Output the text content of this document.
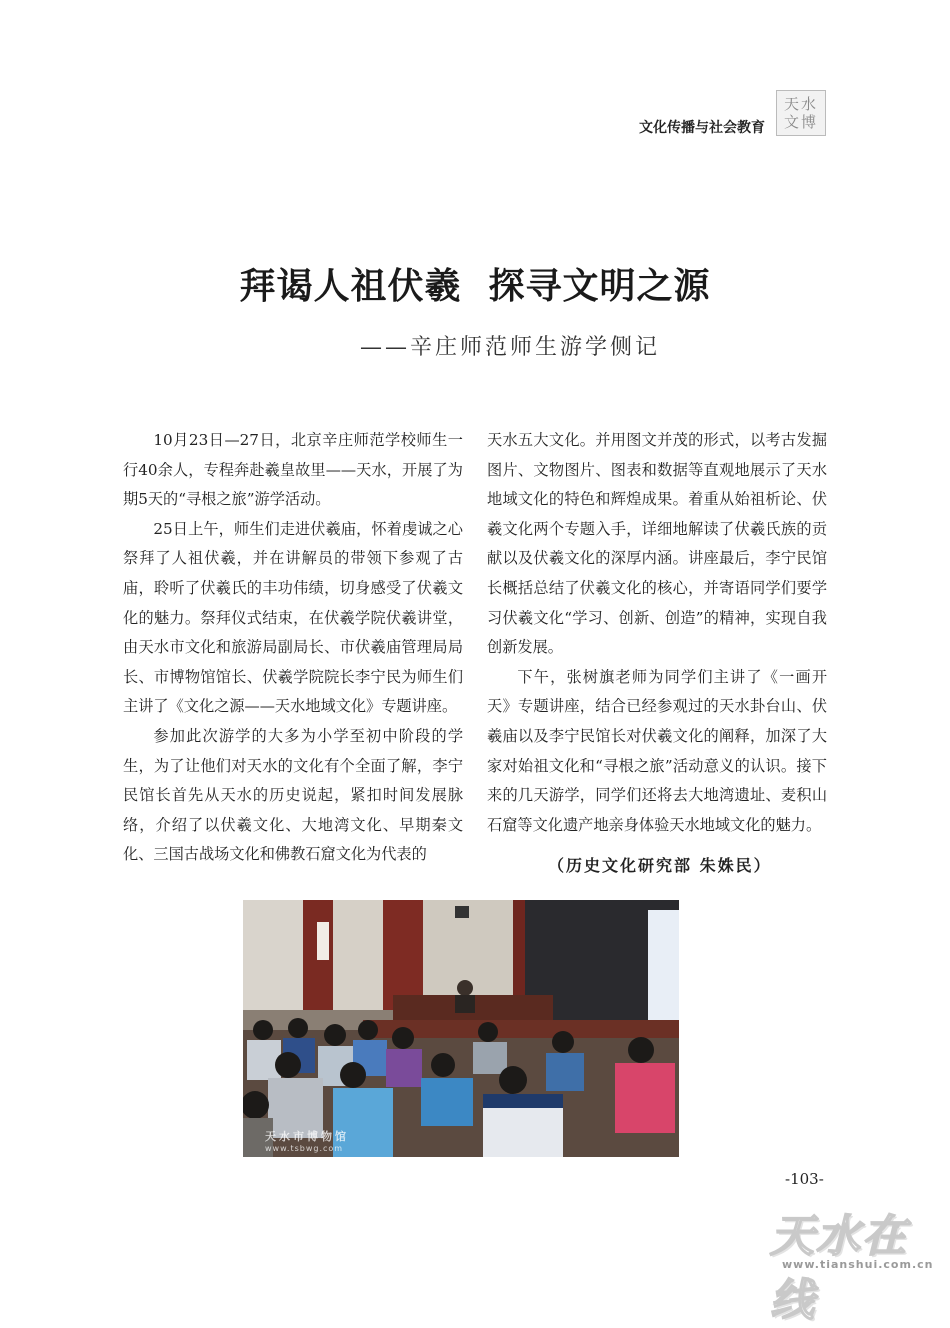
文化传播与社会教育
天水文博
拜谒人祖伏羲  探寻文明之源
——辛庄师范师生游学侧记

10月23日—27日，北京辛庄师范学校师生一行40余人，专程奔赴羲皇故里——天水，开展了为期5天的“寻根之旅”游学活动。

25日上午，师生们走进伏羲庙，怀着虔诚之心祭拜了人祖伏羲，并在讲解员的带领下参观了古庙，聆听了伏羲氏的丰功伟绩，切身感受了伏羲文化的魅力。祭拜仪式结束，在伏羲学院伏羲讲堂，由天水市文化和旅游局副局长、市伏羲庙管理局局长、市博物馆馆长、伏羲学院院长李宁民为师生们主讲了《文化之源——天水地域文化》专题讲座。

参加此次游学的大多为小学至初中阶段的学生，为了让他们对天水的文化有个全面了解，李宁民馆长首先从天水的历史说起，紧扣时间发展脉络，介绍了以伏羲文化、大地湾文化、早期秦文化、三国古战场文化和佛教石窟文化为代表的

天水五大文化。并用图文并茂的形式，以考古发掘图片、文物图片、图表和数据等直观地展示了天水地域文化的特色和辉煌成果。着重从始祖析论、伏羲文化两个专题入手，详细地解读了伏羲氏族的贡献以及伏羲文化的深厚内涵。讲座最后，李宁民馆长概括总结了伏羲文化的核心，并寄语同学们要学习伏羲文化“学习、创新、创造”的精神，实现自我创新发展。

下午，张树旗老师为同学们主讲了《一画开天》专题讲座，结合已经参观过的天水卦台山、伏羲庙以及李宁民馆长对伏羲文化的阐释，加深了大家对始祖文化和“寻根之旅”活动意义的认识。接下来的几天游学，同学们还将去大地湾遗址、麦积山石窟等文化遗产地亲身体验天水地域文化的魅力。

（历史文化研究部 朱姝民）
天水市博物馆
www.tsbwg.com
-103-
天水在线
www.tianshui.com.cn
